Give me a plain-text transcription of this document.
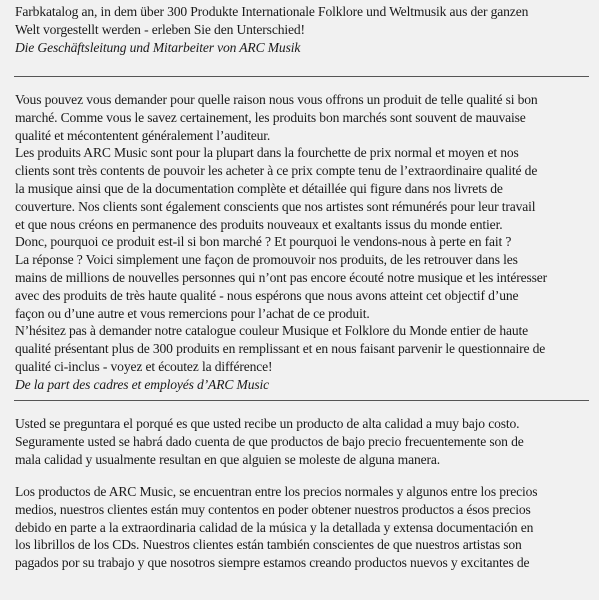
Farbkatalog an, in dem über 300 Produkte Internationale Folklore und Weltmusik aus der ganzen
Welt vorgestellt werden - erleben Sie den Unterschied!
Die Geschäftsleitung und Mitarbeiter von ARC Musik
Vous pouvez vous demander pour quelle raison nous vous offrons un produit de telle qualité si bon
marché. Comme vous le savez certainement, les produits bon marchés sont souvent de mauvaise
qualité et mécontentent généralement l’auditeur.
Les produits ARC Music sont pour la plupart dans la fourchette de prix normal et moyen et nos
clients sont très contents de pouvoir les acheter à ce prix compte tenu de l’extraordinaire qualité de
la musique ainsi que de la documentation complète et détaillée qui figure dans nos livrets de
couverture. Nos clients sont également conscients que nos artistes sont rémunérés pour leur travail
et que nous créons en permanence des produits nouveaux et exaltants issus du monde entier.
Donc, pourquoi ce produit est-il si bon marché ? Et pourquoi le vendons-nous à perte en fait ?
La réponse ? Voici simplement une façon de promouvoir nos produits, de les retrouver dans les
mains de millions de nouvelles personnes qui n’ont pas encore écouté notre musique et les intéresser
avec des produits de très haute qualité - nous espérons que nous avons atteint cet objectif d’une
façon ou d’une autre et vous remercions pour l’achat de ce produit.
N’hésitez pas à demander notre catalogue couleur Musique et Folklore du Monde entier de haute
qualité présentant plus de 300 produits en remplissant et en nous faisant parvenir le questionnaire de
qualité ci-inclus - voyez et écoutez la différence!
De la part des cadres et employés d’ARC Music
Usted se preguntara el porqué es que usted recibe un producto de alta calidad a muy bajo costo.
Seguramente usted se habrá dado cuenta de que productos de bajo precio frecuentemente son de
mala calidad y usualmente resultan en que alguien se moleste de alguna manera.
Los productos de ARC Music, se encuentran entre los precios normales y algunos entre los precios
medios, nuestros clientes están muy contentos en poder obtener nuestros productos a ésos precios
debido en parte a la extraordinaria calidad de la música y la detallada y extensa documentación en
los librillos de los CDs. Nuestros clientes están también conscientes de que nuestros artistas son
pagados por su trabajo y que nosotros siempre estamos creando productos nuevos y excitantes de
